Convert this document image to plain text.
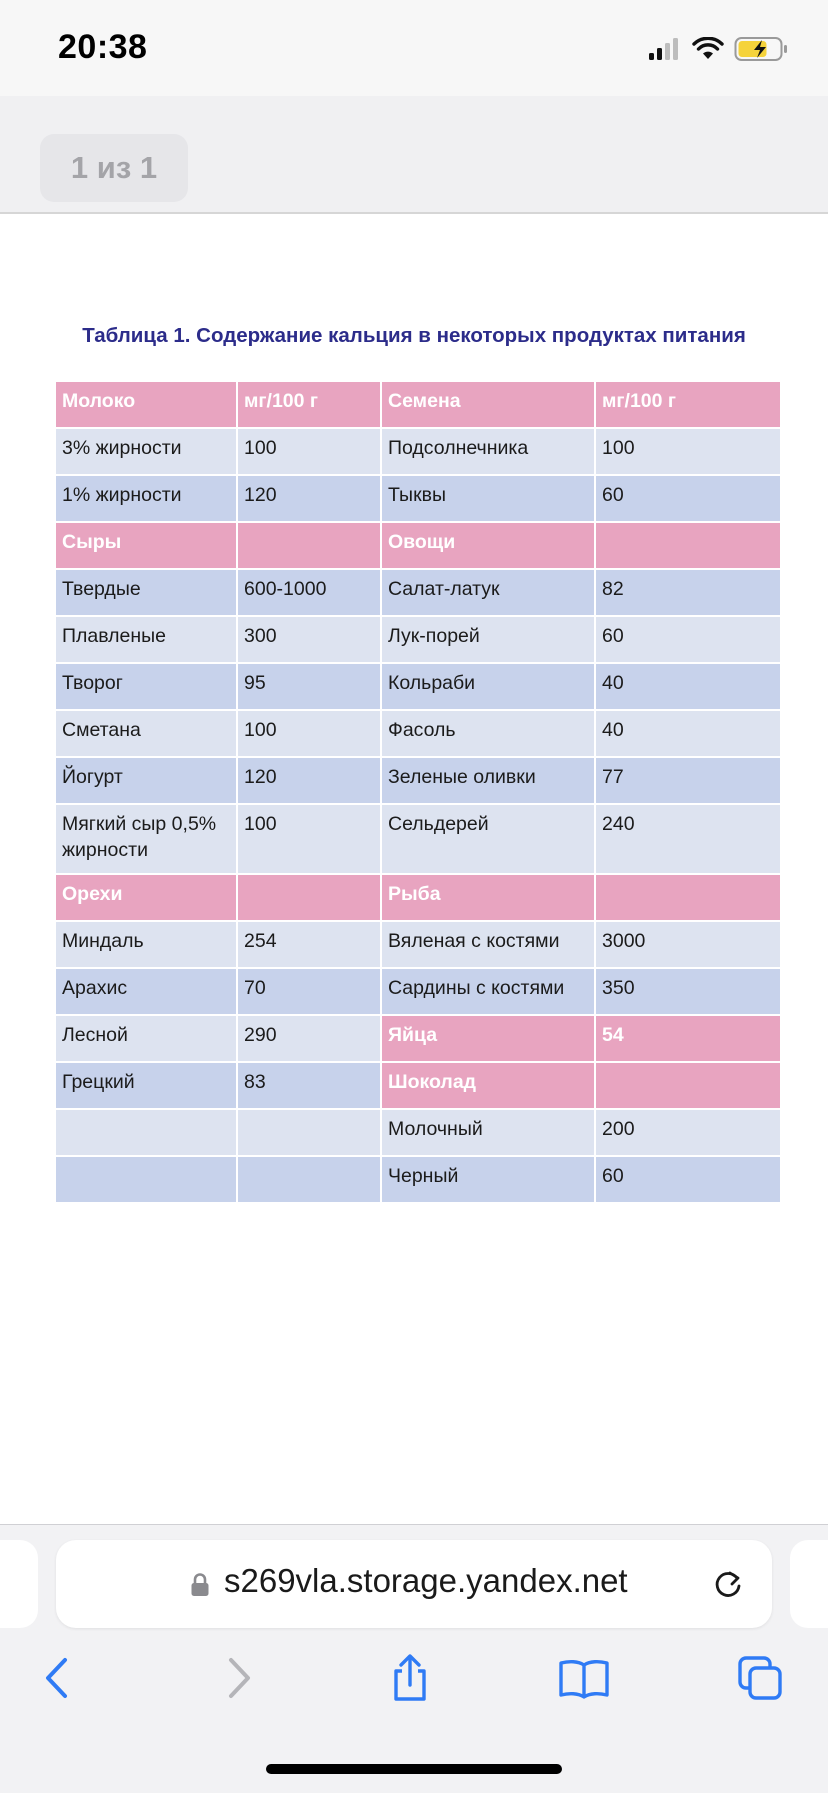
20:38
1 из 1
Таблица 1. Содержание кальция в некоторых продуктах питания
Молоко	мг/100 г	Семена	мг/100 г
3% жирности	100	Подсолнечника	100
1% жирности	120	Тыквы	60
Сыры		Овощи	
Твердые	600-1000	Салат-латук	82
Плавленые	300	Лук-порей	60
Творог	95	Кольраби	40
Сметана	100	Фасоль	40
Йогурт	120	Зеленые оливки	77
Мягкий сыр 0,5% жирности	100	Сельдерей	240
Орехи		Рыба	
Миндаль	254	Вяленая с костями	3000
Арахис	70	Сардины с костями	350
Лесной	290	Яйца	54
Грецкий	83	Шоколад	
		Молочный	200
		Черный	60
s269vla.storage.yandex.net
